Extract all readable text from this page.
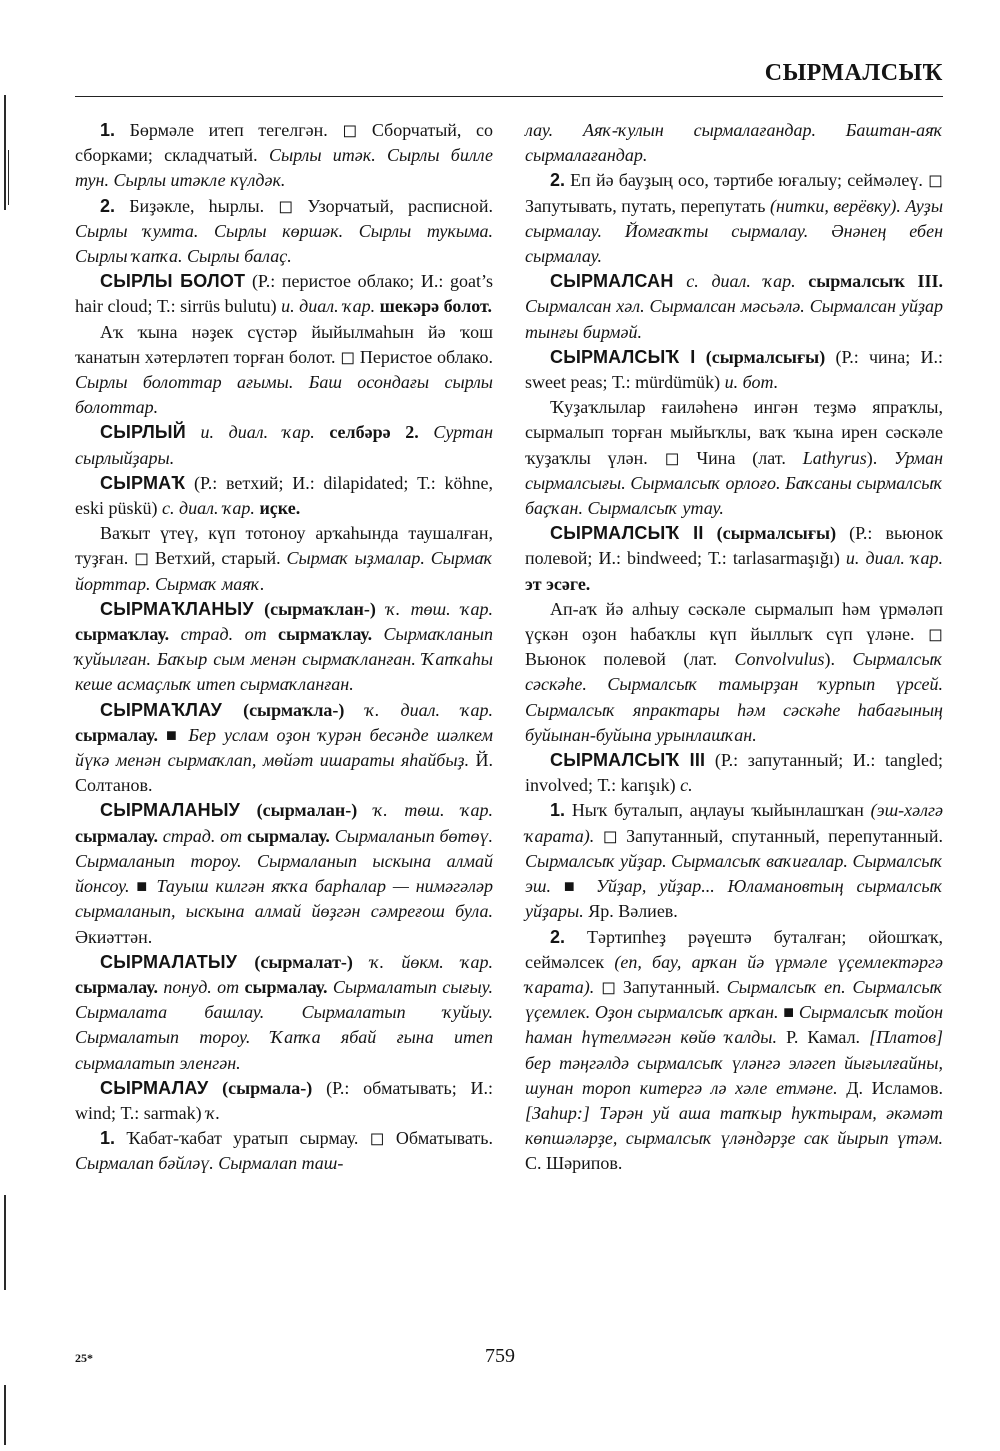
СЫРМАЛСЫҠ

1. Бөрмәле итеп тегелгән. ◻ Сборчатый, со сборками; складчатый. Сырлы итәк. Сырлы билле тун. Сырлы итәкле күлдәк.

2. Биҙәкле, һырлы. ◻ Узорчатый, расписной. Сырлы ҡумта. Сырлы көршәк. Сырлы тукыма. Сырлы ҡапҡа. Сырлы балаҫ.

СЫРЛЫ БОЛОТ (Р.: перистое облако; И.: goat’s hair cloud; Т.: sirrüs bulutu) и. диал. ҡар. шекәрә болот.

Аҡ ҡына нәҙек сүстәр йыйылмаһын йә ҡош ҡанатын хәтерләтеп торған болот. ◻ Перистое облако. Сырлы болоттар ағымы. Баш осондағы сырлы болоттар.

СЫРЛЫЙ и. диал. ҡар. селбәрә 2. Суртан сырлыйҙары.

СЫРМАҠ (Р.: ветхий; И.: dilapidated; Т.: köhne, eski püskü) с. диал. ҡар. иҫке.

Ваҡыт үтеү, күп тотоноу арҡаһында таушалған, туҙған. ◻ Ветхий, старый. Сырмаҡ ыҙмалар. Сырмаҡ йорттар. Сырмаҡ маяҡ.

СЫРМАҠЛАНЫУ (сырмаҡлан-) ҡ. төш. ҡар. сырмаҡлау. страд. от сырмаҡлау. Сырмаҡланып ҡуйылған. Баҡыр сым менән сырмаҡланған. Ҡапҡаһы кеше асмаҫлыҡ итеп сырмаҡланған.

СЫРМАҠЛАУ (сырмаҡла-) ҡ. диал. ҡар. сырмалау. ■ Бер услам оҙон ҡурән бесәнде шәлкем йүкә менән сырмаҡлап, мөйәт ишараты яһайбыҙ. Й. Солтанов.

СЫРМАЛАНЫУ (сырмалан-) ҡ. төш. ҡар. сырмалау. страд. от сырмалау. Сырмаланып бөтөү. Сырмаланып тороу. Сырмаланып ыскына алмай йонсоу. ■ Таyыш килгән яҡҡа барһалар — нимәгәләр сырмаланып, ыскына алмай йөҙгән сәмреғош була. Әкиәттән.

СЫРМАЛАТЫУ (сырмалат-) ҡ. йөкм. ҡар. сырмалау. понуд. от сырмалау. Сырмалатып сығыу. Сырмалата башлау. Сырмалатып ҡуйыу. Сырмалатып тороу. Ҡапҡа ябай ғына итеп сырмалатып эленгән.

СЫРМАЛАУ (сырмала-) (Р.: обматывать; И.: wind; Т.: sarmak) ҡ.

1. Ҡабат-ҡабат уратып сырмау. ◻ Обматывать. Сырмалап бәйләү. Сырмалап таш-

лау. Аяҡ-ҡулын сырмалағандар. Баштан-аяҡ сырмалағандар.

2. Еп йә бауҙың осо, тәртибе юғалыу; сеймәлеү. ◻ Запутывать, путать, перепутать (нитки, верёвку). Ауҙы сырмалау. Йомғаҡты сырмалау. Әнәнең ебен сырмалау.

СЫРМАЛСАН с. диал. ҡар. сырмалсыҡ III. Сырмалсан хәл. Сырмалсан мәсьәлә. Сырмалсан уйҙар тынғы бирмәй.

СЫРМАЛСЫҠ I (сырмалсығы) (Р.: чина; И.: sweet peas; Т.: mürdümük) и. бот.

Ҡуҙаҡлылар ғаиләһенә ингән теҙмә япраҡлы, сырмалып торған мыйыҡлы, ваҡ ҡына ирен сәскәле ҡуҙаҡлы үлән. ◻ Чина (лат. Lathyrus). Урман сырмалсығы. Сырмалсыҡ орлоғо. Баҡсаны сырмалсыҡ баҫҡан. Сырмалсыҡ утау.

СЫРМАЛСЫҠ II (сырмалсығы) (Р.: вьюнок полевой; И.: bindweed; Т.: tarlasarmaşığı) и. диал. ҡар. эт эсәге.

Ап-аҡ йә алһыу сәскәле сырмалып һәм үрмәләп үҫкән оҙон һабаҡлы күп йыллыҡ сүп үләне. ◻ Вьюнок полевой (лат. Convolvulus). Сырмалсыҡ сәскәһе. Сырмалсыҡ тамырҙан ҡурпып үрсей. Сырмалсыҡ япрактары һәм сәскәһе һабағының буйынан-буйына урынлашҡан.

СЫРМАЛСЫҠ III (Р.: запутанный; И.: tangled; involved; Т.: karışık) с.

1. Ныҡ буталып, аңлауы ҡыйынлашҡан (эш-хәлгә ҡарата). ◻ Запутанный, спутанный, перепутанный. Сырмалсыҡ уйҙар. Сырмалсыҡ ваҡиғалар. Сырмалсыҡ эш. ■ Уйҙар, уйҙар... Юламановтың сырмалсыҡ уйҙары. Яр. Вәлиев.

2. Тәртипһеҙ рәүештә буталған; ойошҡаҡ, сеймәлсек (еп, бау, арҡан йә үрмәле үҫемлектәргә ҡарата). ◻ Запутанный. Сырмалсыҡ еп. Сырмалсыҡ үҫемлек. Оҙон сырмалсыҡ арҡан. ■ Сырмалсыҡ тойон һаман һүтелмәгән көйө ҡалды. Р. Камал. [Платов] бер тәңгәлдә сырмалсыҡ үләнгә эләгеп йығылғайны, шунан тороп китергә лә хәле етмәне. Д. Исламов. [Заһир:] Тәрән уй аша тапҡыр һуҡтырам, әкәмәт көпшәләрҙе, сырмалсыҡ үләндәрҙе сак йырып үтәм. С. Шәрипов.

25*	759
